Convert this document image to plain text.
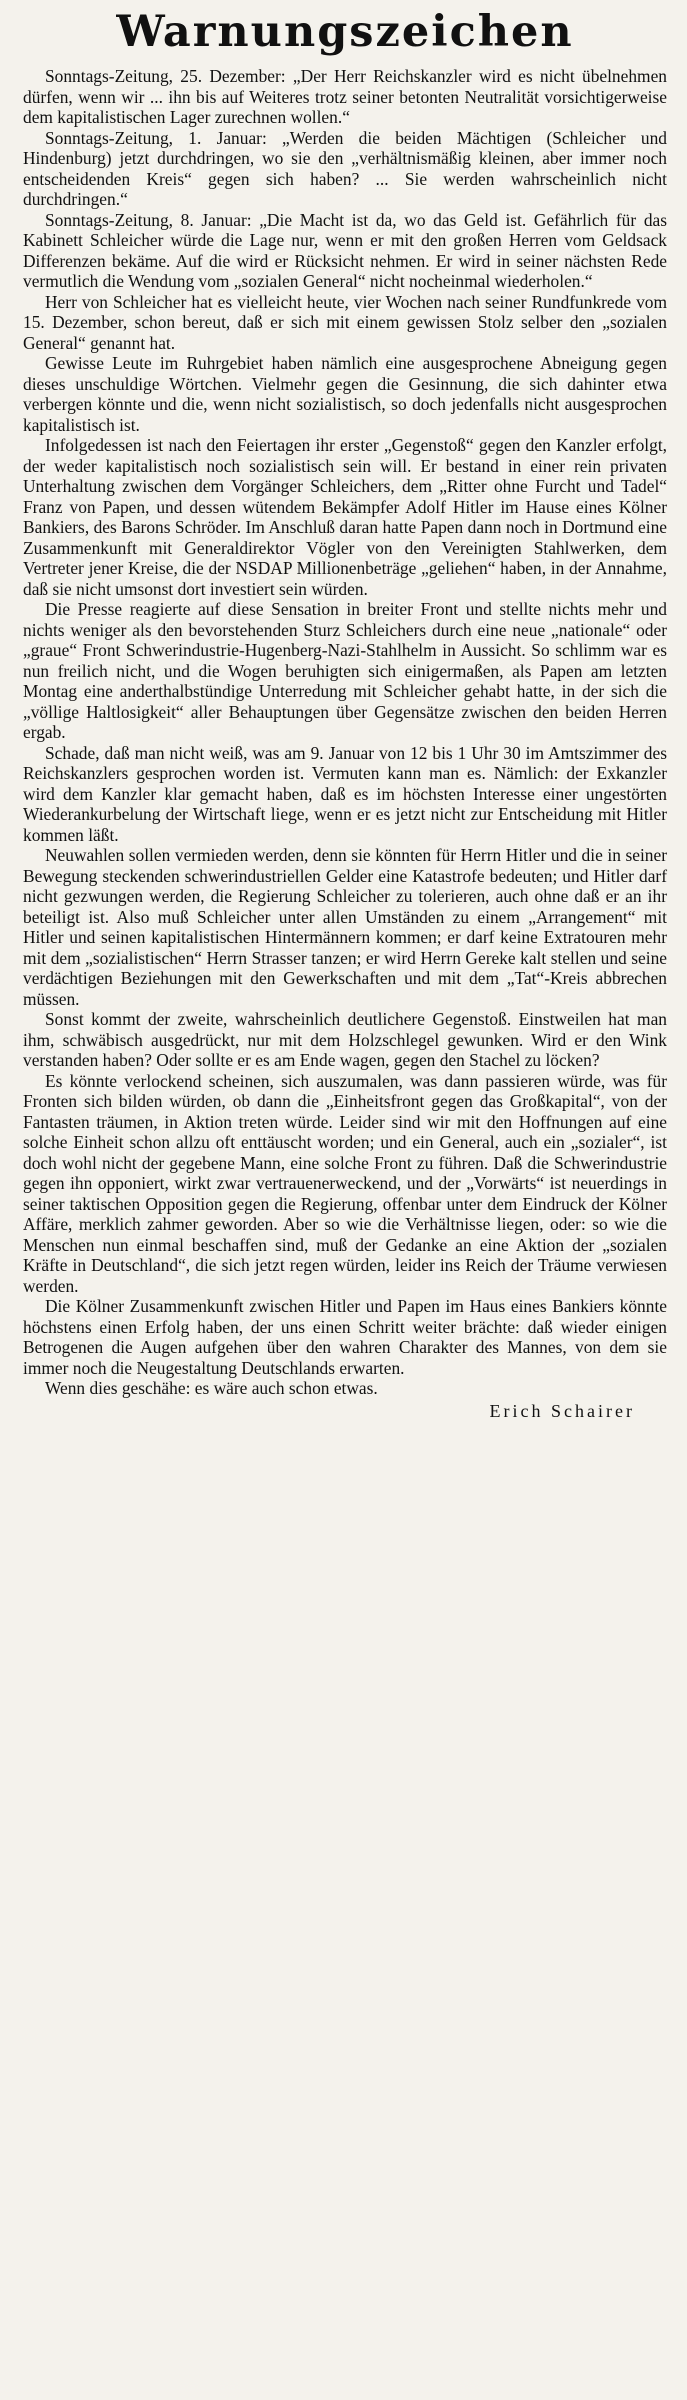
Warnungszeichen

Sonntags-Zeitung, 25. Dezember: „Der Herr Reichskanzler wird es nicht übelnehmen dürfen, wenn wir ... ihn bis auf Weiteres trotz seiner betonten Neutralität vorsichtigerweise dem kapitalistischen Lager zurechnen wollen.“

Sonntags-Zeitung, 1. Januar: „Werden die beiden Mächtigen (Schleicher und Hindenburg) jetzt durchdringen, wo sie den „verhältnismäßig kleinen, aber immer noch entscheidenden Kreis“ gegen sich haben? ... Sie werden wahrscheinlich nicht durchdringen.“

Sonntags-Zeitung, 8. Januar: „Die Macht ist da, wo das Geld ist. Gefährlich für das Kabinett Schleicher würde die Lage nur, wenn er mit den großen Herren vom Geldsack Differenzen bekäme. Auf die wird er Rücksicht nehmen. Er wird in seiner nächsten Rede vermutlich die Wendung vom „sozialen General“ nicht nocheinmal wiederholen.“

Herr von Schleicher hat es vielleicht heute, vier Wochen nach seiner Rundfunkrede vom 15. Dezember, schon bereut, daß er sich mit einem gewissen Stolz selber den „sozialen General“ genannt hat.

Gewisse Leute im Ruhrgebiet haben nämlich eine ausgesprochene Abneigung gegen dieses unschuldige Wörtchen. Vielmehr gegen die Gesinnung, die sich dahinter etwa verbergen könnte und die, wenn nicht sozialistisch, so doch jedenfalls nicht ausgesprochen kapitalistisch ist.

Infolgedessen ist nach den Feiertagen ihr erster „Gegenstoß“ gegen den Kanzler erfolgt, der weder kapitalistisch noch sozialistisch sein will. Er bestand in einer rein privaten Unterhaltung zwischen dem Vorgänger Schleichers, dem „Ritter ohne Furcht und Tadel“ Franz von Papen, und dessen wütendem Bekämpfer Adolf Hitler im Hause eines Kölner Bankiers, des Barons Schröder. Im Anschluß daran hatte Papen dann noch in Dortmund eine Zusammenkunft mit Generaldirektor Vögler von den Vereinigten Stahlwerken, dem Vertreter jener Kreise, die der NSDAP Millionenbeträge „geliehen“ haben, in der Annahme, daß sie nicht umsonst dort investiert sein würden.

Die Presse reagierte auf diese Sensation in breiter Front und stellte nichts mehr und nichts weniger als den bevorstehenden Sturz Schleichers durch eine neue „nationale“ oder „graue“ Front Schwerindustrie-Hugenberg-Nazi-Stahlhelm in Aussicht. So schlimm war es nun freilich nicht, und die Wogen beruhigten sich einigermaßen, als Papen am letzten Montag eine anderthalbstündige Unterredung mit Schleicher gehabt hatte, in der sich die „völlige Haltlosigkeit“ aller Behauptungen über Gegensätze zwischen den beiden Herren ergab.

Schade, daß man nicht weiß, was am 9. Januar von 12 bis 1 Uhr 30 im Amtszimmer des Reichskanzlers gesprochen worden ist. Vermuten kann man es. Nämlich: der Exkanzler wird dem Kanzler klar gemacht haben, daß es im höchsten Interesse einer ungestörten Wiederankurbelung der Wirtschaft liege, wenn er es jetzt nicht zur Entscheidung mit Hitler kommen läßt.

Neuwahlen sollen vermieden werden, denn sie könnten für Herrn Hitler und die in seiner Bewegung steckenden schwerindustriellen Gelder eine Katastrofe bedeuten; und Hitler darf nicht gezwungen werden, die Regierung Schleicher zu tolerieren, auch ohne daß er an ihr beteiligt ist. Also muß Schleicher unter allen Umständen zu einem „Arrangement“ mit Hitler und seinen kapitalistischen Hintermännern kommen; er darf keine Extratouren mehr mit dem „sozialistischen“ Herrn Strasser tanzen; er wird Herrn Gereke kalt stellen und seine verdächtigen Beziehungen mit den Gewerkschaften und mit dem „Tat“-Kreis abbrechen müssen.

Sonst kommt der zweite, wahrscheinlich deutlichere Gegenstoß. Einstweilen hat man ihm, schwäbisch ausgedrückt, nur mit dem Holzschlegel gewunken. Wird er den Wink verstanden haben? Oder sollte er es am Ende wagen, gegen den Stachel zu löcken?

Es könnte verlockend scheinen, sich auszumalen, was dann passieren würde, was für Fronten sich bilden würden, ob dann die „Einheitsfront gegen das Großkapital“, von der Fantasten träumen, in Aktion treten würde. Leider sind wir mit den Hoffnungen auf eine solche Einheit schon allzu oft enttäuscht worden; und ein General, auch ein „sozialer“, ist doch wohl nicht der gegebene Mann, eine solche Front zu führen. Daß die Schwerindustrie gegen ihn opponiert, wirkt zwar vertrauenerweckend, und der „Vorwärts“ ist neuerdings in seiner taktischen Opposition gegen die Regierung, offenbar unter dem Eindruck der Kölner Affäre, merklich zahmer geworden. Aber so wie die Verhältnisse liegen, oder: so wie die Menschen nun einmal beschaffen sind, muß der Gedanke an eine Aktion der „sozialen Kräfte in Deutschland“, die sich jetzt regen würden, leider ins Reich der Träume verwiesen werden.

Die Kölner Zusammenkunft zwischen Hitler und Papen im Haus eines Bankiers könnte höchstens einen Erfolg haben, der uns einen Schritt weiter brächte: daß wieder einigen Betrogenen die Augen aufgehen über den wahren Charakter des Mannes, von dem sie immer noch die Neugestaltung Deutschlands erwarten.

Wenn dies geschähe: es wäre auch schon etwas.

Erich Schairer
